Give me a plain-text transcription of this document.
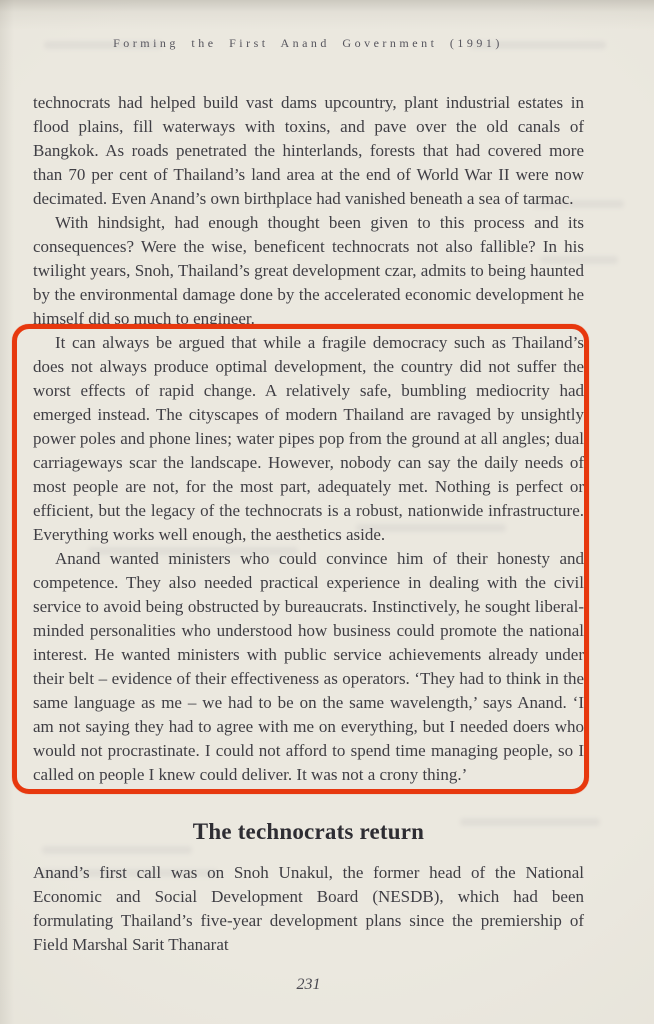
Forming the First Anand Government (1991)

technocrats had helped build vast dams upcountry, plant industrial estates in flood plains, fill waterways with toxins, and pave over the old canals of Bangkok. As roads penetrated the hinterlands, forests that had covered more than 70 per cent of Thailand’s land area at the end of World War II were now decimated. Even Anand’s own birthplace had vanished beneath a sea of tarmac.

With hindsight, had enough thought been given to this process and its consequences? Were the wise, beneficent technocrats not also fallible? In his twilight years, Snoh, Thailand’s great development czar, admits to being haunted by the environmental damage done by the accelerated economic development he himself did so much to engineer.

It can always be argued that while a fragile democracy such as Thailand’s does not always produce optimal development, the country did not suffer the worst effects of rapid change. A relatively safe, bumbling mediocrity had emerged instead. The cityscapes of modern Thailand are ravaged by unsightly power poles and phone lines; water pipes pop from the ground at all angles; dual carriageways scar the landscape. However, nobody can say the daily needs of most people are not, for the most part, adequately met. Nothing is perfect or efficient, but the legacy of the technocrats is a robust, nationwide infrastructure. Everything works well enough, the aesthetics aside.

Anand wanted ministers who could convince him of their honesty and competence. They also needed practical experience in dealing with the civil service to avoid being obstructed by bureaucrats. Instinctively, he sought liberal-minded personalities who understood how business could promote the national interest. He wanted ministers with public service achievements already under their belt – evidence of their effectiveness as operators. ‘They had to think in the same language as me – we had to be on the same wavelength,’ says Anand. ‘I am not saying they had to agree with me on everything, but I needed doers who would not procrastinate. I could not afford to spend time managing people, so I called on people I knew could deliver. It was not a crony thing.’

The technocrats return

Anand’s first call was on Snoh Unakul, the former head of the National Economic and Social Development Board (NESDB), which had been formulating Thailand’s five-year development plans since the premiership of Field Marshal Sarit Thanarat

231
